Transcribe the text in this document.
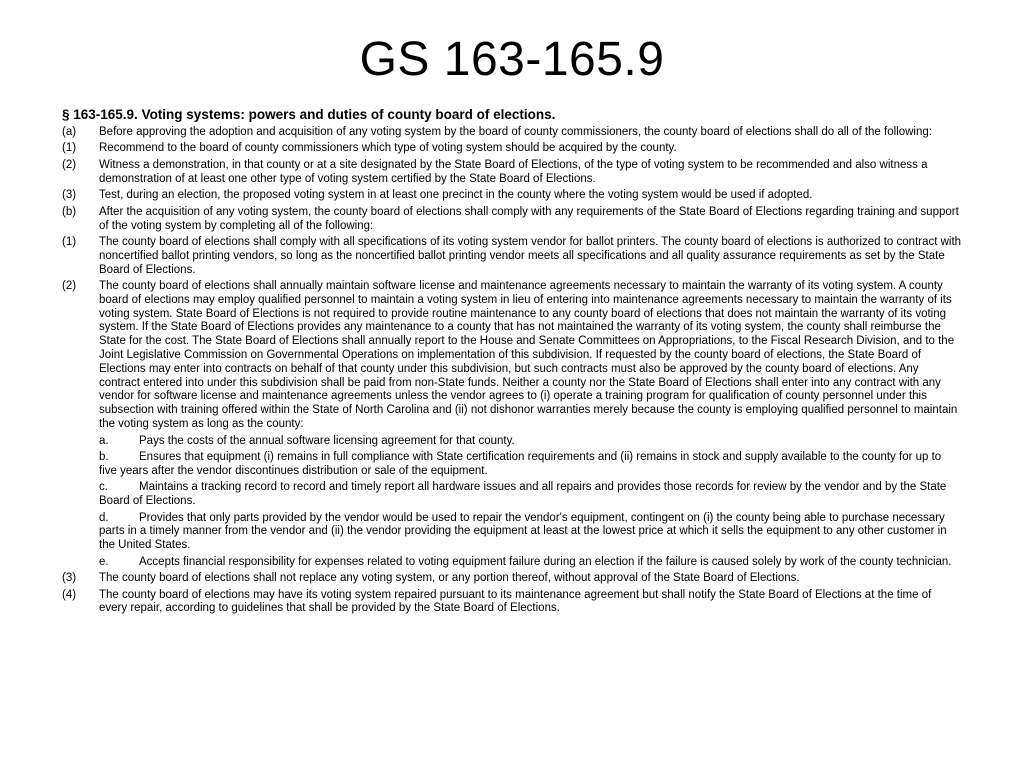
GS 163-165.9
§ 163-165.9. Voting systems: powers and duties of county board of elections.
(a) Before approving the adoption and acquisition of any voting system by the board of county commissioners, the county board of elections shall do all of the following:
(1) Recommend to the board of county commissioners which type of voting system should be acquired by the county.
(2) Witness a demonstration, in that county or at a site designated by the State Board of Elections, of the type of voting system to be recommended and also witness a demonstration of at least one other type of voting system certified by the State Board of Elections.
(3) Test, during an election, the proposed voting system in at least one precinct in the county where the voting system would be used if adopted.
(b) After the acquisition of any voting system, the county board of elections shall comply with any requirements of the State Board of Elections regarding training and support of the voting system by completing all of the following:
(1) The county board of elections shall comply with all specifications of its voting system vendor for ballot printers. The county board of elections is authorized to contract with noncertified ballot printing vendors, so long as the noncertified ballot printing vendor meets all specifications and all quality assurance requirements as set by the State Board of Elections.
(2) The county board of elections shall annually maintain software license and maintenance agreements necessary to maintain the warranty of its voting system. A county board of elections may employ qualified personnel to maintain a voting system in lieu of entering into maintenance agreements necessary to maintain the warranty of its voting system. State Board of Elections is not required to provide routine maintenance to any county board of elections that does not maintain the warranty of its voting system. If the State Board of Elections provides any maintenance to a county that has not maintained the warranty of its voting system, the county shall reimburse the State for the cost. The State Board of Elections shall annually report to the House and Senate Committees on Appropriations, to the Fiscal Research Division, and to the Joint Legislative Commission on Governmental Operations on implementation of this subdivision. If requested by the county board of elections, the State Board of Elections may enter into contracts on behalf of that county under this subdivision, but such contracts must also be approved by the county board of elections. Any contract entered into under this subdivision shall be paid from non-State funds. Neither a county nor the State Board of Elections shall enter into any contract with any vendor for software license and maintenance agreements unless the vendor agrees to (i) operate a training program for qualification of county personnel under this subsection with training offered within the State of North Carolina and (ii) not dishonor warranties merely because the county is employing qualified personnel to maintain the voting system as long as the county:
a.	Pays the costs of the annual software licensing agreement for that county.
b.	Ensures that equipment (i) remains in full compliance with State certification requirements and (ii) remains in stock and supply available to the county for up to five years after the vendor discontinues distribution or sale of the equipment.
c.	Maintains a tracking record to record and timely report all hardware issues and all repairs and provides those records for review by the vendor and by the State Board of Elections.
d.	Provides that only parts provided by the vendor would be used to repair the vendor's equipment, contingent on (i) the county being able to purchase necessary parts in a timely manner from the vendor and (ii) the vendor providing the equipment at least at the lowest price at which it sells the equipment to any other customer in the United States.
e.	Accepts financial responsibility for expenses related to voting equipment failure during an election if the failure is caused solely by work of the county technician.
(3) The county board of elections shall not replace any voting system, or any portion thereof, without approval of the State Board of Elections.
(4) The county board of elections may have its voting system repaired pursuant to its maintenance agreement but shall notify the State Board of Elections at the time of every repair, according to guidelines that shall be provided by the State Board of Elections.
